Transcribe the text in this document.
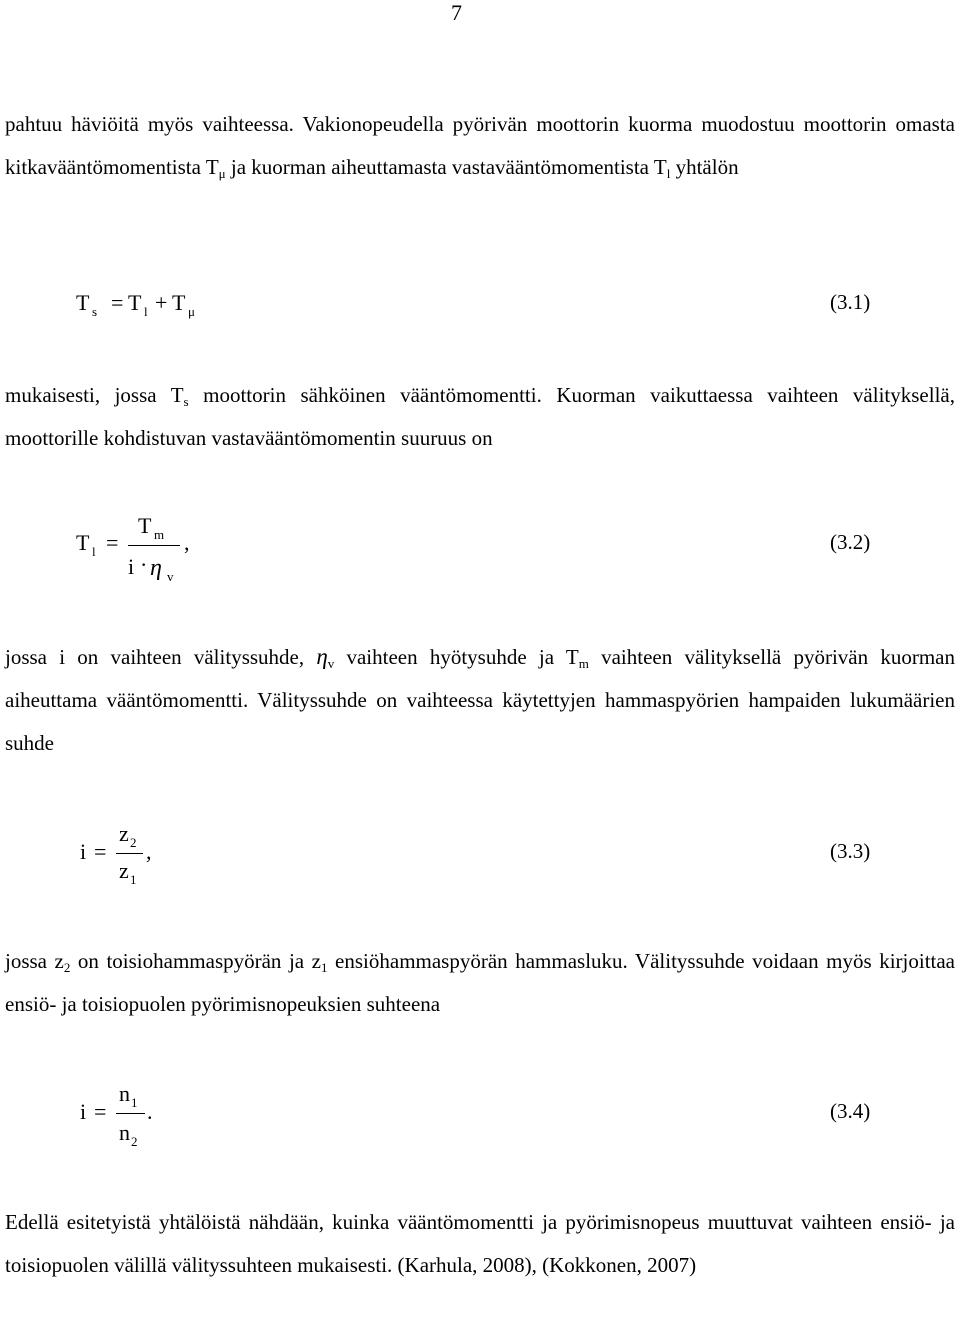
7

pahtuu häviöitä myös vaihteessa. Vakionopeudella pyörivän moottorin kuorma muodostuu moottorin omasta kitkavääntömomentista $T_\mu$ ja kuorman aiheuttamasta vastavääntömomentista $T_l$ yhtälön

T s = T l + T μ	(3.1)

mukaisesti, jossa $T_s$ moottorin sähköinen vääntömomentti. Kuorman vaikuttaessa vaihteen välityksellä, moottorille kohdistuvan vastavääntömomentin suuruus on

T l =
T m
i · η v
,	(3.2)

jossa i on vaihteen välityssuhde, $\eta_v$ vaihteen hyötysuhde ja $T_m$ vaihteen välityksellä pyörivän kuorman aiheuttama vääntömomentti. Välityssuhde on vaihteessa käytettyjen hammaspyörien hampaiden lukumäärien suhde

i =
z 2
z 1
,	(3.3)

jossa $z_2$ on toisiohammaspyörän ja $z_1$ ensiöhammaspyörän hammasluku. Välityssuhde voidaan myös kirjoittaa ensiö- ja toisiopuolen pyörimisnopeuksien suhteena

i =
n 1
n 2
.	(3.4)

Edellä esitetyistä yhtälöistä nähdään, kuinka vääntömomentti ja pyörimisnopeus muuttuvat vaihteen ensiö- ja toisiopuolen välillä välityssuhteen mukaisesti. (Karhula, 2008), (Kokkonen, 2007)
